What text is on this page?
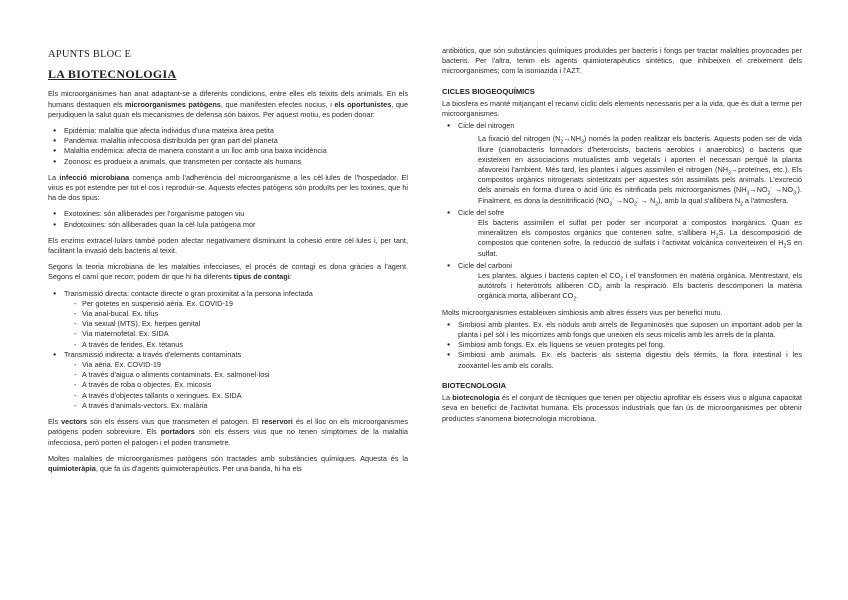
APUNTS BLOC E
LA BIOTECNOLOGIA

Els microorganismes han anat adaptant-se a diferents condicions, entre elles els teixits dels animals. En els humans destaquen els microorganismes patògens, que manifesten efectes nocius, i els oportunistes, que perjudiquen la salut quan els mecanismes de defensa són baixos. Per aquest motiu, es poden donar:

● Epidèmia: malaltia que afecta individus d'una mateixa àrea petita
● Pandèmia: malaltia infecciosa distribuïda per gran part del planeta
● Malaltia endèmica: afecta de manera constant a un lloc amb una baixa incidència
● Zoonosi: es produeix a animals, que transmeten per contacte als humans

La infecció microbiana comença amb l'adherència del microorganisme a les cèl·lules de l'hospedador. El virus es pot estendre per tot el cos i reproduir-se. Aquests efectes patògens són produïts per les toxines, que hi ha de dos tipus:

● Exotoxines: són alliberades per l'organisme patogen viu
● Endotoxines: són alliberades quan la cèl·lula patògena mor

Els enzims extracel·lulars també poden afectar negativament disminuint la cohesió entre cèl·lules i, per tant, facilitant la invasió dels bacteris al teixit.

Segons la teoria microbiana de les malalties infeccioses, el procés de contagi es dona gràcies a l'agent. Segons el camí que recorr, podem dir que hi ha diferents tipus de contagi:

● Transmissió directa: contacte directe o gran proximitat a la persona infectada
- Per gotetes en suspensió aèria. Ex. COVID-19
- Via anal-bucal. Ex. tifus
- Via sexual (MTS). Ex. herpes genital
- Via maternofetal. Ex. SIDA
- A través de ferides. Ex. tètanus
● Transmissió indirecta: a través d'elements contaminats
- Via aèria. Ex. COVID-19
- A través d'aigua o aliments contaminats. Ex. salmonel·losi
- A través de roba o objectes. Ex. micosis
- A través d'objectes tallants o xeringues. Ex. SIDA
- A través d'animals-vectors. Ex. malària

Els vectors són els éssers vius que transmeten el patogen. El reservori és el lloc on els microorganismes patògens poden sobreviure. Els portadors són els éssers vius que no tenen símptomes de la malaltia infecciosa, però porten el patogen i el poden transmetre.

Moltes malalties de microorganismes patògens són tractades amb substàncies químiques. Aquesta és la quimioteràpia, que fa ús d'agents quimioterapèutics. Per una banda, hi ha els

antibiòtics, que són substàncies químiques produïdes per bacteris i fongs per tractar malalties provocades per bacteris. Per l'altra, tenim els agents quimioterapèutics sintètics, que inhibeixen el creixement dels microorganismes; com la isoniazida i l'AZT.

CICLES BIOGEOQUÍMICS

La biosfera es manté mitjançant el recanvi cíclic dels elements necessaris per a la vida, que és duit a terme per microorganismes.

● Cicle del nitrogen
La fixació del nitrogen $(N_2\to NH_3)$ només la poden realitzar els bacteris. Aquests poden ser de vida lliure (cianobacteris formadors d'heterocists, bacteris aerobics i anaerobics) o bacteris que existeixen en associacions mutualistes amb vegetals i aporten el necessari perquè la planta afavoreixi l'ambient. Més tard, les plantes i algues assimilen el nitrogen ($NH_3\to proteïnes$, etc.). Els compostos orgànics nitrogenats sintetitzats per aquestes són assimilats pels animals. L'excreció dels animals en forma d'urea o àcid úric és nitrificada pels microorganismes $(NH_3\to NO_2^- \to NO_3^-)$. Finalment, es dona la desnitrificació $(NO_3^- \to NO_2^- \to N_2)$, amb la qual s'allibera $N_2$ a l'atmosfera.
● Cicle del sofre
Els bacteris assimilen el sulfat per poder ser incorporat a compostos inorgànics. Quan es mineralitzen els compostos orgànics que contenen sofre, s'allibera $H_2S$. La descomposició de compostos que contenen sofre, la reducció de sulfats i l'activitat volcànica converteixen el $H_2S$ en sulfat.
● Cicle del carboni
Les plantes, algues i bacteris capten el $CO_2$ i el transformen en matèria orgànica. Mentrestant, els autòtrofs i heteròtrofs alliberen $CO_2$ amb la respiració. Els bacteris descomponen la matèria orgànica morta, alliberant $CO_2$.

Molts microorganismes estableixen simbiosis amb altres éssers vius per benefici mutu.

● Simbiosi amb plantes. Ex. els nòduls amb arrels de lleguminoses que suposen un important adob per la planta i pel sòl i les micorrizes amb fongs que uneixen els seus micelis amb les arrels de la planta.
● Simbiosi amb fongs. Ex. els líquens se veuen protegits pel fong.
● Simbiosi amb animals. Ex. els bacteris als sistema digestiu dels tèrmits, la flora intestinal i les zooxantel·les amb els coralls.
BIOTECNOLOGIA

La biotecnologia és el conjunt de tècniques que tenen per objectiu aprofitar els éssers vius o alguna capacitat seva en benefici de l'activitat humana. Els processos industrials que fan ús de microorganismes per obtenir productes s'anomena biotecnologia microbiana.
